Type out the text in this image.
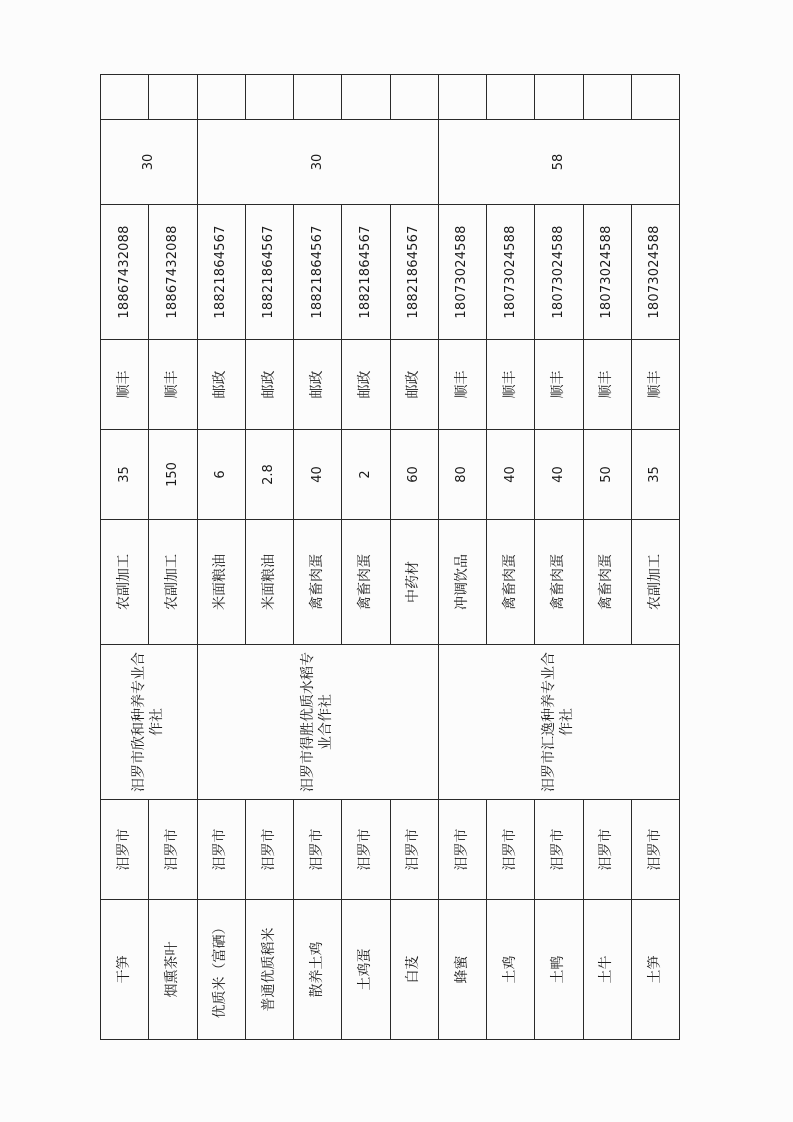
干笋	汨罗市	汨罗市欣和种养专业合作社	农副加工	35	顺丰	18867432088	30	
烟熏茶叶	汨罗市		农副加工	150	顺丰	18867432088		
优质米（富硒）	汨罗市	汨罗市得胜优质水稻专业合作社	米面粮油	6	邮政	18821864567	30	
普通优质稻米	汨罗市		米面粮油	2.8	邮政	18821864567		
散养土鸡	汨罗市		禽畜肉蛋	40	邮政	18821864567		
土鸡蛋	汨罗市		禽畜肉蛋	2	邮政	18821864567		
白芨	汨罗市		中药材	60	邮政	18821864567		
蜂蜜	汨罗市	汨罗市汇逸种养专业合作社	冲调饮品	80	顺丰	18073024588	58	
土鸡	汨罗市		禽畜肉蛋	40	顺丰	18073024588		
土鸭	汨罗市		禽畜肉蛋	40	顺丰	18073024588		
土牛	汨罗市		禽畜肉蛋	50	顺丰	18073024588		
土笋	汨罗市		农副加工	35	顺丰	18073024588		
